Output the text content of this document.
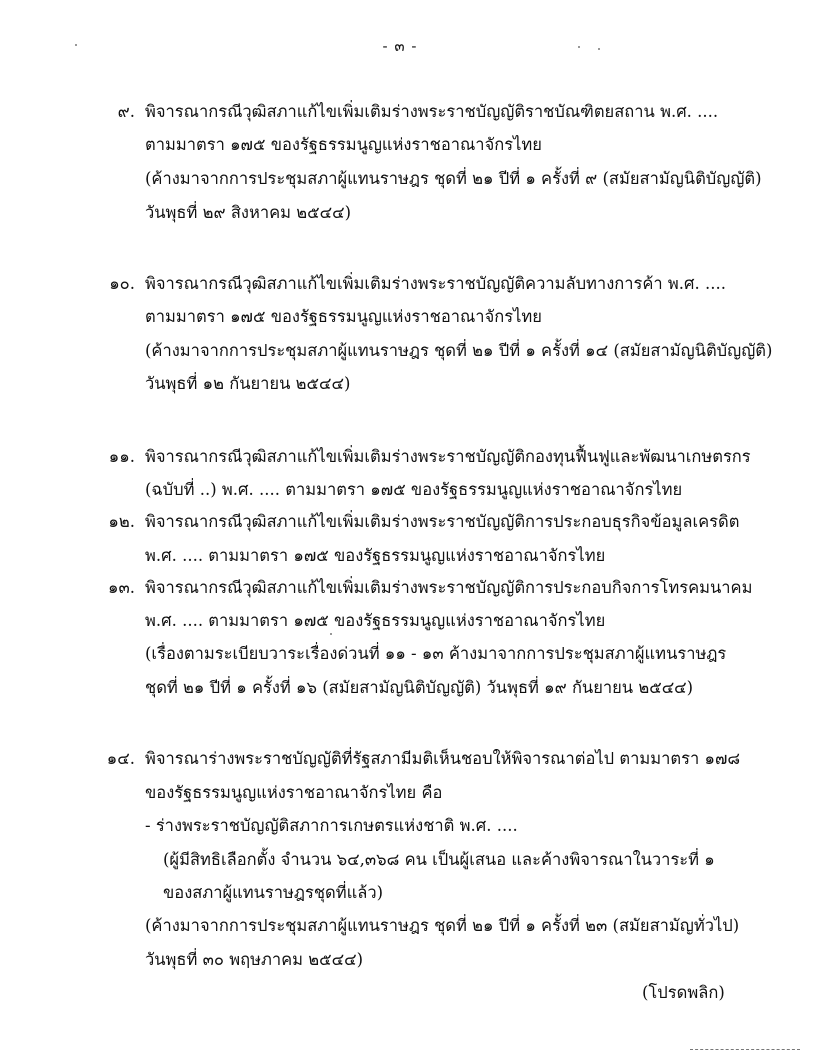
- ๓ -
๙. พิจารณากรณีวุฒิสภาแก้ไขเพิ่มเติมร่างพระราชบัญญัติราชบัณฑิตยสถาน พ.ศ. ....
ตามมาตรา ๑๗๕ ของรัฐธรรมนูญแห่งราชอาณาจักรไทย
(ค้างมาจากการประชุมสภาผู้แทนราษฎร ชุดที่ ๒๑ ปีที่ ๑ ครั้งที่ ๙ (สมัยสามัญนิติบัญญัติ)
วันพุธที่ ๒๙ สิงหาคม ๒๕๔๔)
๑๐. พิจารณากรณีวุฒิสภาแก้ไขเพิ่มเติมร่างพระราชบัญญัติความลับทางการค้า พ.ศ. ....
ตามมาตรา ๑๗๕ ของรัฐธรรมนูญแห่งราชอาณาจักรไทย
(ค้างมาจากการประชุมสภาผู้แทนราษฎร ชุดที่ ๒๑ ปีที่ ๑ ครั้งที่ ๑๔ (สมัยสามัญนิติบัญญัติ)
วันพุธที่ ๑๒ กันยายน ๒๕๔๔)
๑๑. พิจารณากรณีวุฒิสภาแก้ไขเพิ่มเติมร่างพระราชบัญญัติกองทุนฟื้นฟูและพัฒนาเกษตรกร
(ฉบับที่ ..) พ.ศ. .... ตามมาตรา ๑๗๕ ของรัฐธรรมนูญแห่งราชอาณาจักรไทย
๑๒. พิจารณากรณีวุฒิสภาแก้ไขเพิ่มเติมร่างพระราชบัญญัติการประกอบธุรกิจข้อมูลเครดิต
พ.ศ. .... ตามมาตรา ๑๗๕ ของรัฐธรรมนูญแห่งราชอาณาจักรไทย
๑๓. พิจารณากรณีวุฒิสภาแก้ไขเพิ่มเติมร่างพระราชบัญญัติการประกอบกิจการโทรคมนาคม
พ.ศ. .... ตามมาตรา ๑๗๕ ของรัฐธรรมนูญแห่งราชอาณาจักรไทย
(เรื่องตามระเบียบวาระเรื่องด่วนที่ ๑๑ - ๑๓ ค้างมาจากการประชุมสภาผู้แทนราษฎร
ชุดที่ ๒๑ ปีที่ ๑ ครั้งที่ ๑๖ (สมัยสามัญนิติบัญญัติ) วันพุธที่ ๑๙ กันยายน ๒๕๔๔)
๑๔. พิจารณาร่างพระราชบัญญัติที่รัฐสภามีมติเห็นชอบให้พิจารณาต่อไป ตามมาตรา ๑๗๘
ของรัฐธรรมนูญแห่งราชอาณาจักรไทย คือ
- ร่างพระราชบัญญัติสภาการเกษตรแห่งชาติ พ.ศ. ....
(ผู้มีสิทธิเลือกตั้ง จำนวน ๖๔,๓๖๘ คน เป็นผู้เสนอ และค้างพิจารณาในวาระที่ ๑
ของสภาผู้แทนราษฎรชุดที่แล้ว)
(ค้างมาจากการประชุมสภาผู้แทนราษฎร ชุดที่ ๒๑ ปีที่ ๑ ครั้งที่ ๒๓ (สมัยสามัญทั่วไป)
วันพุธที่ ๓๐ พฤษภาคม ๒๕๔๔)
(โปรดพลิก)
